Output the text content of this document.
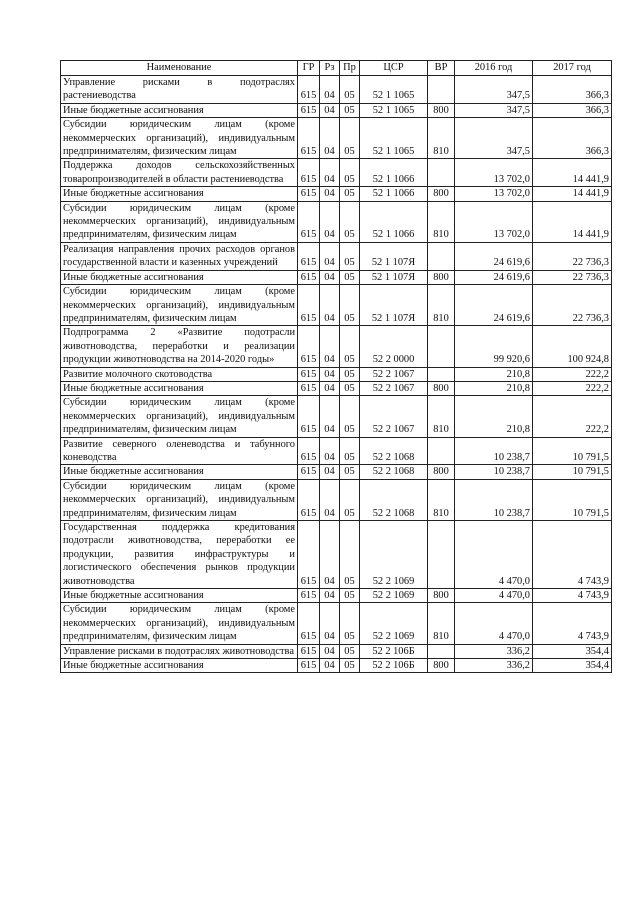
Наименование	ГР	Рз	Пр	ЦСР	ВР	2016 год	2017 год
Управление рисками в подотраслях растениеводства	615	04	05	52 1 1065		347,5	366,3
Иные бюджетные ассигнования	615	04	05	52 1 1065	800	347,5	366,3
Субсидии юридическим лицам (кроме некоммерческих организаций), индивидуальным предпринимателям, физическим лицам	615	04	05	52 1 1065	810	347,5	366,3
Поддержка доходов сельскохозяйственных товаропроизводителей в области растениеводства	615	04	05	52 1 1066		13 702,0	14 441,9
Иные бюджетные ассигнования	615	04	05	52 1 1066	800	13 702,0	14 441,9
Субсидии юридическим лицам (кроме некоммерческих организаций), индивидуальным предпринимателям, физическим лицам	615	04	05	52 1 1066	810	13 702,0	14 441,9
Реализация направления прочих расходов органов государственной власти и казенных учреждений	615	04	05	52 1 107Я		24 619,6	22 736,3
Иные бюджетные ассигнования	615	04	05	52 1 107Я	800	24 619,6	22 736,3
Субсидии юридическим лицам (кроме некоммерческих организаций), индивидуальным предпринимателям, физическим лицам	615	04	05	52 1 107Я	810	24 619,6	22 736,3
Подпрограмма 2 «Развитие подотрасли животноводства, переработки и реализации продукции животноводства на 2014-2020 годы»	615	04	05	52 2 0000		99 920,6	100 924,8
Развитие молочного скотоводства	615	04	05	52 2 1067		210,8	222,2
Иные бюджетные ассигнования	615	04	05	52 2 1067	800	210,8	222,2
Субсидии юридическим лицам (кроме некоммерческих организаций), индивидуальным предпринимателям, физическим лицам	615	04	05	52 2 1067	810	210,8	222,2
Развитие северного оленеводства и табунного коневодства	615	04	05	52 2 1068		10 238,7	10 791,5
Иные бюджетные ассигнования	615	04	05	52 2 1068	800	10 238,7	10 791,5
Субсидии юридическим лицам (кроме некоммерческих организаций), индивидуальным предпринимателям, физическим лицам	615	04	05	52 2 1068	810	10 238,7	10 791,5
Государственная поддержка кредитования подотрасли животноводства, переработки ее продукции, развития инфраструктуры и логистического обеспечения рынков продукции животноводства	615	04	05	52 2 1069		4 470,0	4 743,9
Иные бюджетные ассигнования	615	04	05	52 2 1069	800	4 470,0	4 743,9
Субсидии юридическим лицам (кроме некоммерческих организаций), индивидуальным предпринимателям, физическим лицам	615	04	05	52 2 1069	810	4 470,0	4 743,9
Управление рисками в подотраслях животноводства	615	04	05	52 2 106Б		336,2	354,4
Иные бюджетные ассигнования	615	04	05	52 2 106Б	800	336,2	354,4
